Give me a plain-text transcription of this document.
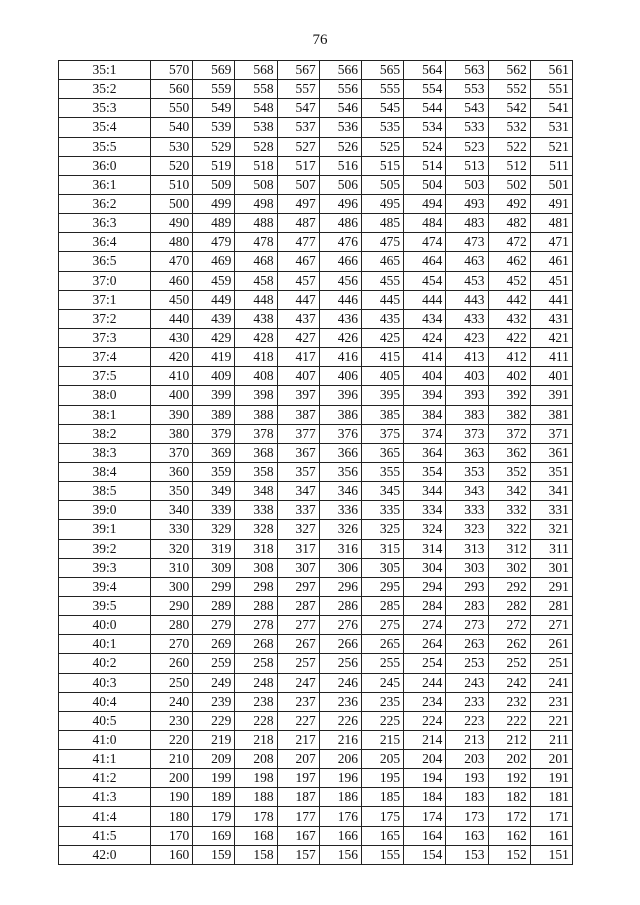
76
35:1	570	569	568	567	566	565	564	563	562	561
35:2	560	559	558	557	556	555	554	553	552	551
35:3	550	549	548	547	546	545	544	543	542	541
35:4	540	539	538	537	536	535	534	533	532	531
35:5	530	529	528	527	526	525	524	523	522	521
36:0	520	519	518	517	516	515	514	513	512	511
36:1	510	509	508	507	506	505	504	503	502	501
36:2	500	499	498	497	496	495	494	493	492	491
36:3	490	489	488	487	486	485	484	483	482	481
36:4	480	479	478	477	476	475	474	473	472	471
36:5	470	469	468	467	466	465	464	463	462	461
37:0	460	459	458	457	456	455	454	453	452	451
37:1	450	449	448	447	446	445	444	443	442	441
37:2	440	439	438	437	436	435	434	433	432	431
37:3	430	429	428	427	426	425	424	423	422	421
37:4	420	419	418	417	416	415	414	413	412	411
37:5	410	409	408	407	406	405	404	403	402	401
38:0	400	399	398	397	396	395	394	393	392	391
38:1	390	389	388	387	386	385	384	383	382	381
38:2	380	379	378	377	376	375	374	373	372	371
38:3	370	369	368	367	366	365	364	363	362	361
38:4	360	359	358	357	356	355	354	353	352	351
38:5	350	349	348	347	346	345	344	343	342	341
39:0	340	339	338	337	336	335	334	333	332	331
39:1	330	329	328	327	326	325	324	323	322	321
39:2	320	319	318	317	316	315	314	313	312	311
39:3	310	309	308	307	306	305	304	303	302	301
39:4	300	299	298	297	296	295	294	293	292	291
39:5	290	289	288	287	286	285	284	283	282	281
40:0	280	279	278	277	276	275	274	273	272	271
40:1	270	269	268	267	266	265	264	263	262	261
40:2	260	259	258	257	256	255	254	253	252	251
40:3	250	249	248	247	246	245	244	243	242	241
40:4	240	239	238	237	236	235	234	233	232	231
40:5	230	229	228	227	226	225	224	223	222	221
41:0	220	219	218	217	216	215	214	213	212	211
41:1	210	209	208	207	206	205	204	203	202	201
41:2	200	199	198	197	196	195	194	193	192	191
41:3	190	189	188	187	186	185	184	183	182	181
41:4	180	179	178	177	176	175	174	173	172	171
41:5	170	169	168	167	166	165	164	163	162	161
42:0	160	159	158	157	156	155	154	153	152	151
